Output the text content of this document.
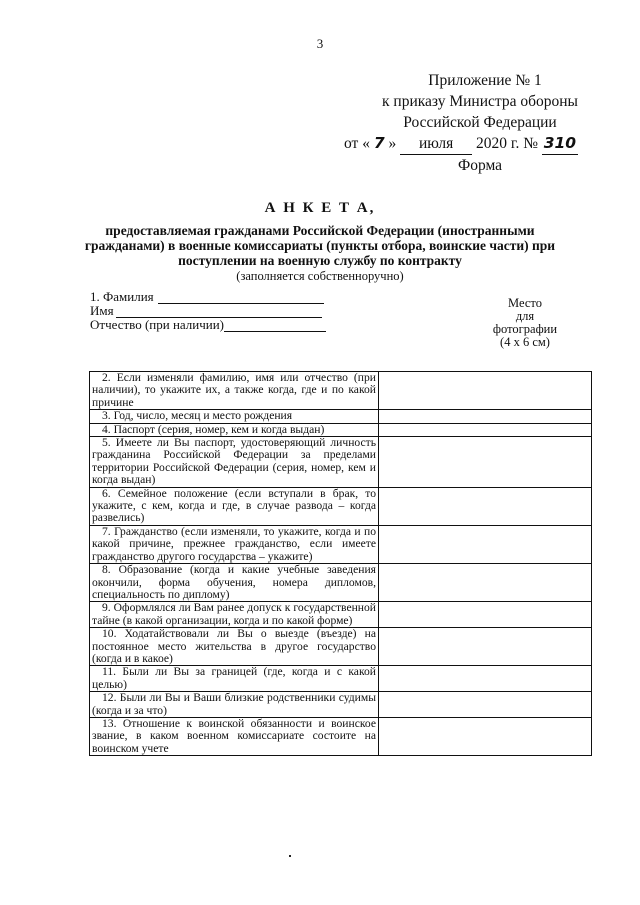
3
Приложение № 1
к приказу Министра обороны
Российской Федерации
от « 7 » июля 2020 г. № 310
Форма
А Н К Е Т А,
предоставляемая гражданами Российской Федерации (иностранными гражданами) в военные комиссариаты (пункты отбора, воинские части) при поступлении на военную службу по контракту
(заполняется собственноручно)
1. Фамилия
Имя
Отчество (при наличии)
Место
для
фотографии
(4 х 6 см)
2. Если изменяли фамилию, имя или отчество (при наличии), то укажите их, а также когда, где и по какой причине	

3. Год, число, месяц и место рождения	

4. Паспорт (серия, номер, кем и когда выдан)	

5. Имеете ли Вы паспорт, удостоверяющий личность гражданина Российской Федерации за пределами территории Российской Федерации (серия, номер, кем и когда выдан)	

6. Семейное положение (если вступали в брак, то укажите, с кем, когда и где, в случае развода – когда развелись)	

7. Гражданство (если изменяли, то укажите, когда и по какой причине, прежнее гражданство, если имеете гражданство другого государства – укажите)	

8. Образование (когда и какие учебные заведения окончили, форма обучения, номера дипломов, специальность по диплому)	

9. Оформлялся ли Вам ранее допуск к государственной тайне (в какой организации, когда и по какой форме)	

10. Ходатайствовали ли Вы о выезде (въезде) на постоянное место жительства в другое государство (когда и в какое)	

11. Были ли Вы за границей (где, когда и с какой целью)	

12. Были ли Вы и Ваши близкие родственники судимы (когда и за что)	

13. Отношение к воинской обязанности и воинское звание, в каком военном комиссариате состоите на воинском учете	
